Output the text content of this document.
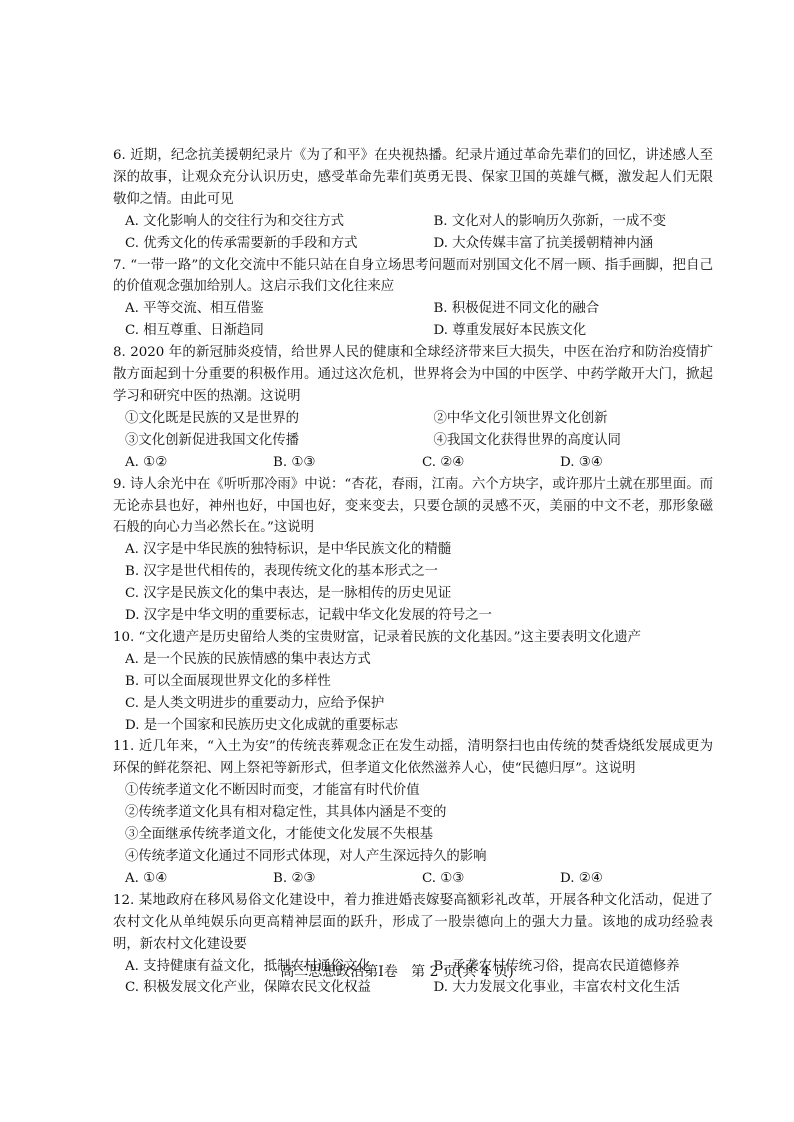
6. 近期，纪念抗美援朝纪录片《为了和平》在央视热播。纪录片通过革命先辈们的回忆，讲述感人至深的故事，让观众充分认识历史，感受革命先辈们英勇无畏、保家卫国的英雄气概，激发起人们无限敬仰之情。由此可见

A. 文化影响人的交往行为和交往方式	B. 文化对人的影响历久弥新，一成不变
C. 优秀文化的传承需要新的手段和方式	D. 大众传媒丰富了抗美援朝精神内涵

7. “一带一路”的文化交流中不能只站在自身立场思考问题而对别国文化不屑一顾、指手画脚，把自己的价值观念强加给别人。这启示我们文化往来应

A. 平等交流、相互借鉴	B. 积极促进不同文化的融合
C. 相互尊重、日渐趋同	D. 尊重发展好本民族文化

8. 2020 年的新冠肺炎疫情，给世界人民的健康和全球经济带来巨大损失，中医在治疗和防治疫情扩散方面起到十分重要的积极作用。通过这次危机，世界将会为中国的中医学、中药学敞开大门，掀起学习和研究中医的热潮。这说明

①文化既是民族的又是世界的	②中华文化引领世界文化创新
③文化创新促进我国文化传播	④我国文化获得世界的高度认同
A. ①②	B. ①③	C. ②④	D. ③④

9. 诗人余光中在《听听那冷雨》中说：“杏花，春雨，江南。六个方块字，或许那片土就在那里面。而无论赤县也好，神州也好，中国也好，变来变去，只要仓颉的灵感不灭，美丽的中文不老，那形象磁石般的向心力当必然长在。”这说明

A. 汉字是中华民族的独特标识，是中华民族文化的精髓
B. 汉字是世代相传的，表现传统文化的基本形式之一
C. 汉字是民族文化的集中表达，是一脉相传的历史见证
D. 汉字是中华文明的重要标志，记载中华文化发展的符号之一

10. “文化遗产是历史留给人类的宝贵财富，记录着民族的文化基因。”这主要表明文化遗产

A. 是一个民族的民族情感的集中表达方式
B. 可以全面展现世界文化的多样性
C. 是人类文明进步的重要动力，应给予保护
D. 是一个国家和民族历史文化成就的重要标志

11. 近几年来，“入土为安”的传统丧葬观念正在发生动摇，清明祭扫也由传统的焚香烧纸发展成更为环保的鲜花祭祀、网上祭祀等新形式，但孝道文化依然滋养人心，使“民德归厚”。这说明

①传统孝道文化不断因时而变，才能富有时代价值
②传统孝道文化具有相对稳定性，其具体内涵是不变的
③全面继承传统孝道文化，才能使文化发展不失根基
④传统孝道文化通过不同形式体现，对人产生深远持久的影响
A. ①④	B. ②③	C. ①③	D. ②④

12. 某地政府在移风易俗文化建设中，着力推进婚丧嫁娶高额彩礼改革，开展各种文化活动，促进了农村文化从单纯娱乐向更高精神层面的跃升，形成了一股崇德向上的强大力量。该地的成功经验表明，新农村文化建设要

A. 支持健康有益文化，抵制农村通俗文化	B. 承袭农村传统习俗，提高农民道德修养
C. 积极发展文化产业，保障农民文化权益	D. 大力发展文化事业，丰富农村文化生活
高二思想政治第Ⅰ卷   第 2 页(共 4 页)
